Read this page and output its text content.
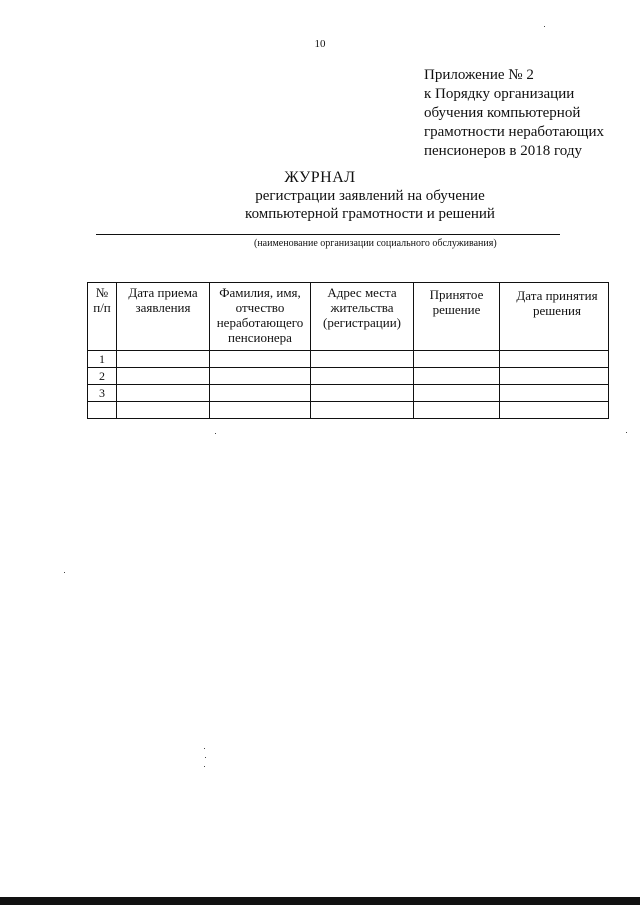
10
Приложение № 2
к Порядку организации
обучения компьютерной
грамотности неработающих
пенсионеров в 2018 году
ЖУРНАЛ
регистрации заявлений на обучение
компьютерной грамотности и решений
(наименование организации социального обслуживания)
№ п/п	Дата приема заявления	Фамилия, имя, отчество неработающего пенсионера	Адрес места жительства (регистрации)	Принятое решение	Дата принятия решения
1					
2					
3					
